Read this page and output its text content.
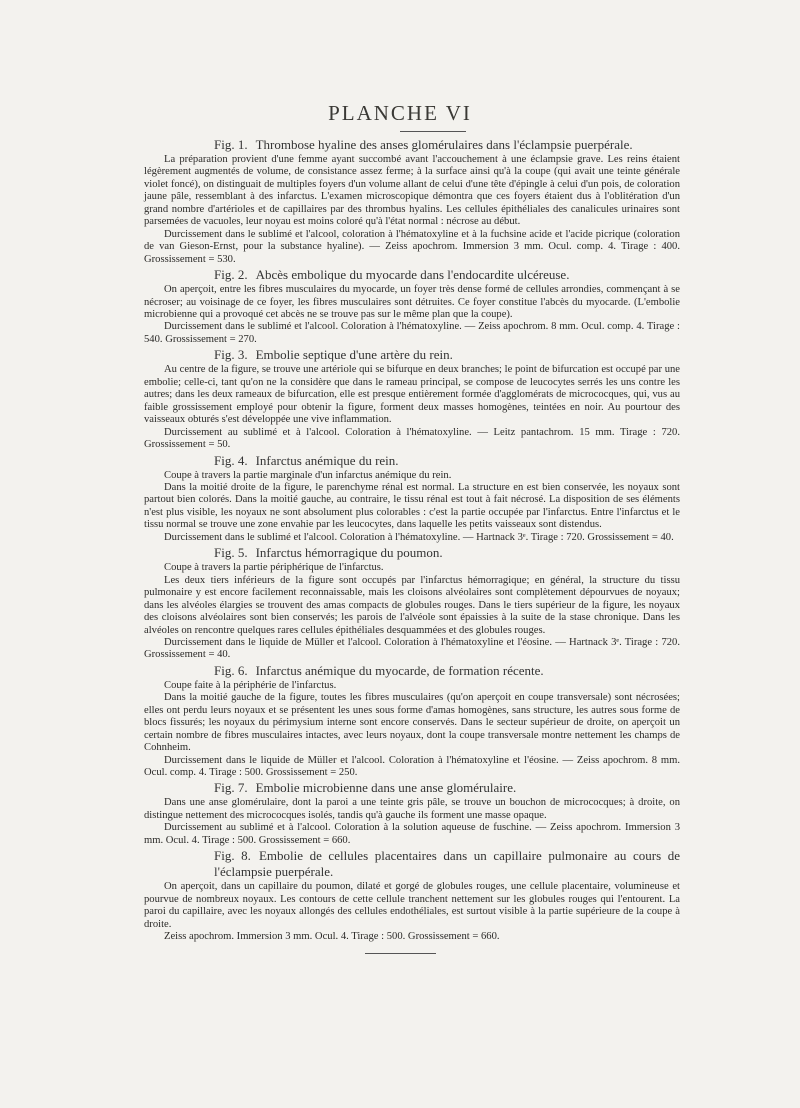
PLANCHE VI
Fig. 1. Thrombose hyaline des anses glomérulaires dans l'éclampsie puerpérale.

La préparation provient d'une femme ayant succombé avant l'accouchement à une éclampsie grave. Les reins étaient légèrement augmentés de volume, de consistance assez ferme; à la surface ainsi qu'à la coupe (qui avait une teinte générale violet foncé), on distinguait de multiples foyers d'un volume allant de celui d'une tête d'épingle à celui d'un pois, de coloration jaune pâle, ressemblant à des infarctus. L'examen microscopique démontra que ces foyers étaient dus à l'oblitération d'un grand nombre d'artérioles et de capillaires par des thrombus hyalins. Les cellules épithéliales des canalicules urinaires sont parsemées de vacuoles, leur noyau est moins coloré qu'à l'état normal : nécrose au début.

Durcissement dans le sublimé et l'alcool, coloration à l'hématoxyline et à la fuchsine acide et l'acide picrique (coloration de van Gieson-Ernst, pour la substance hyaline). — Zeiss apochrom. Immersion 3 mm. Ocul. comp. 4. Tirage : 400. Grossissement = 530.

Fig. 2. Abcès embolique du myocarde dans l'endocardite ulcéreuse.

On aperçoit, entre les fibres musculaires du myocarde, un foyer très dense formé de cellules arrondies, commençant à se nécroser; au voisinage de ce foyer, les fibres musculaires sont détruites. Ce foyer constitue l'abcès du myocarde. (L'embolie microbienne qui a provoqué cet abcès ne se trouve pas sur le même plan que la coupe).

Durcissement dans le sublimé et l'alcool. Coloration à l'hématoxyline. — Zeiss apochrom. 8 mm. Ocul. comp. 4. Tirage : 540. Grossissement = 270.

Fig. 3. Embolie septique d'une artère du rein.

Au centre de la figure, se trouve une artériole qui se bifurque en deux branches; le point de bifurcation est occupé par une embolie; celle-ci, tant qu'on ne la considère que dans le rameau principal, se compose de leucocytes serrés les uns contre les autres; dans les deux rameaux de bifurcation, elle est presque entièrement formée d'agglomérats de micrococques, qui, vus au faible grossissement employé pour obtenir la figure, forment deux masses homogènes, teintées en noir. Au pourtour des vaisseaux obturés s'est développée une vive inflammation.

Durcissement au sublimé et à l'alcool. Coloration à l'hématoxyline. — Leitz pantachrom. 15 mm. Tirage : 720. Grossissement = 50.

Fig. 4. Infarctus anémique du rein.

Coupe à travers la partie marginale d'un infarctus anémique du rein.

Dans la moitié droite de la figure, le parenchyme rénal est normal. La structure en est bien conservée, les noyaux sont partout bien colorés. Dans la moitié gauche, au contraire, le tissu rénal est tout à fait nécrosé. La disposition de ses éléments n'est plus visible, les noyaux ne sont absolument plus colorables : c'est la partie occupée par l'infarctus. Entre l'infarctus et le tissu normal se trouve une zone envahie par les leucocytes, dans laquelle les petits vaisseaux sont distendus.

Durcissement dans le sublimé et l'alcool. Coloration à l'hématoxyline. — Hartnack 3ᵉ. Tirage : 720. Grossissement = 40.

Fig. 5. Infarctus hémorragique du poumon.

Coupe à travers la partie périphérique de l'infarctus.

Les deux tiers inférieurs de la figure sont occupés par l'infarctus hémorragique; en général, la structure du tissu pulmonaire y est encore facilement reconnaissable, mais les cloisons alvéolaires sont complètement dépourvues de noyaux; dans les alvéoles élargies se trouvent des amas compacts de globules rouges. Dans le tiers supérieur de la figure, les noyaux des cloisons alvéolaires sont bien conservés; les parois de l'alvéole sont épaissies à la suite de la stase chronique. Dans les alvéoles on rencontre quelques rares cellules épithéliales desquammées et des globules rouges.

Durcissement dans le liquide de Müller et l'alcool. Coloration à l'hématoxyline et l'éosine. — Hartnack 3ᵉ. Tirage : 720. Grossissement = 40.

Fig. 6. Infarctus anémique du myocarde, de formation récente.

Coupe faite à la périphérie de l'infarctus.

Dans la moitié gauche de la figure, toutes les fibres musculaires (qu'on aperçoit en coupe transversale) sont nécrosées; elles ont perdu leurs noyaux et se présentent les unes sous forme d'amas homogènes, sans structure, les autres sous forme de blocs fissurés; les noyaux du périmysium interne sont encore conservés. Dans le secteur supérieur de droite, on aperçoit un certain nombre de fibres musculaires intactes, avec leurs noyaux, dont la coupe transversale montre nettement les champs de Cohnheim.

Durcissement dans le liquide de Müller et l'alcool. Coloration à l'hématoxyline et l'éosine. — Zeiss apochrom. 8 mm. Ocul. comp. 4. Tirage : 500. Grossissement = 250.

Fig. 7. Embolie microbienne dans une anse glomérulaire.

Dans une anse glomérulaire, dont la paroi a une teinte gris pâle, se trouve un bouchon de micrococques; à droite, on distingue nettement des micrococques isolés, tandis qu'à gauche ils forment une masse opaque.

Durcissement au sublimé et à l'alcool. Coloration à la solution aqueuse de fuschine. — Zeiss apochrom. Immersion 3 mm. Ocul. 4. Tirage : 500. Grossissement = 660.

Fig. 8. Embolie de cellules placentaires dans un capillaire pulmonaire au cours de l'éclampsie puerpérale.

On aperçoit, dans un capillaire du poumon, dilaté et gorgé de globules rouges, une cellule placentaire, volumineuse et pourvue de nombreux noyaux. Les contours de cette cellule tranchent nettement sur les globules rouges qui l'entourent. La paroi du capillaire, avec les noyaux allongés des cellules endothéliales, est surtout visible à la partie supérieure de la coupe à droite.

Zeiss apochrom. Immersion 3 mm. Ocul. 4. Tirage : 500. Grossissement = 660.
